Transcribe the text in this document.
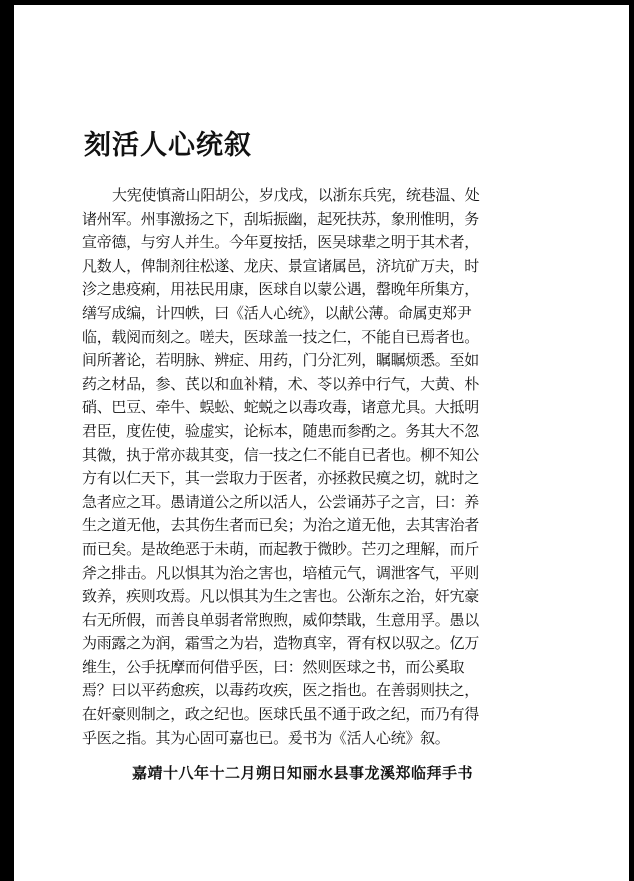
刻活人心统叙
大宪使慎斋山阳胡公，岁戊戌，以浙东兵宪，统巷温、处
诸州军。州事激扬之下，刮垢振幽，起死扶苏，象刑惟明，务
宣帝德，与穷人并生。今年夏按括，医吴球辈之明于其术者，
凡数人，俾制剂往松遂、龙庆、景宣诸属邑，济坑矿万夫，时
沴之患疫痢，用祛民用康，医球自以蒙公遇，罄晚年所集方，
缮写成编，计四帙，曰《活人心统》，以献公薄。命属吏郑尹
临，载阅而刻之。嗟夫，医球盖一技之仁，不能自已焉者也。
间所著论，若明脉、辨症、用药，门分汇列，瞩瞩烦悉。至如
药之材品，参、芪以和血补精，术、苓以养中行气，大黄、朴
硝、巴豆、牵牛、蜈蚣、蛇蜕之以毒攻毒，诸意尤具。大抵明
君臣，度佐使，验虚实，论标本，随患而参酌之。务其大不忽
其微，执于常亦裁其变，信一技之仁不能自已者也。柳不知公
方有以仁天下，其一尝取力于医者，亦拯救民瘼之切，就时之
急者应之耳。愚请道公之所以活人，公尝诵苏子之言，曰：养
生之道无他，去其伤生者而已矣；为治之道无他，去其害治者
而已矣。是故绝恶于未萌，而起教于微眇。芒刃之理解，而斤
斧之排击。凡以惧其为治之害也，培植元气，调泄客气，平则
致养，疾则攻焉。凡以惧其为生之害也。公渐东之治，奸宄豪
右无所假，而善良单弱者常煦煦，威仰禁戢，生意用孚。愚以
为雨露之为润，霜雪之为岩，造物真宰，胥有权以驭之。亿万
维生，公手抚摩而何借乎医，曰：然则医球之书，而公奚取
焉？曰以平药愈疾，以毒药攻疾，医之指也。在善弱则扶之，
在奸豪则制之，政之纪也。医球氏虽不通于政之纪，而乃有得
乎医之指。其为心固可嘉也已。爰书为《活人心统》叙。
嘉靖十八年十二月朔日知丽水县事龙溪郑临拜手书
